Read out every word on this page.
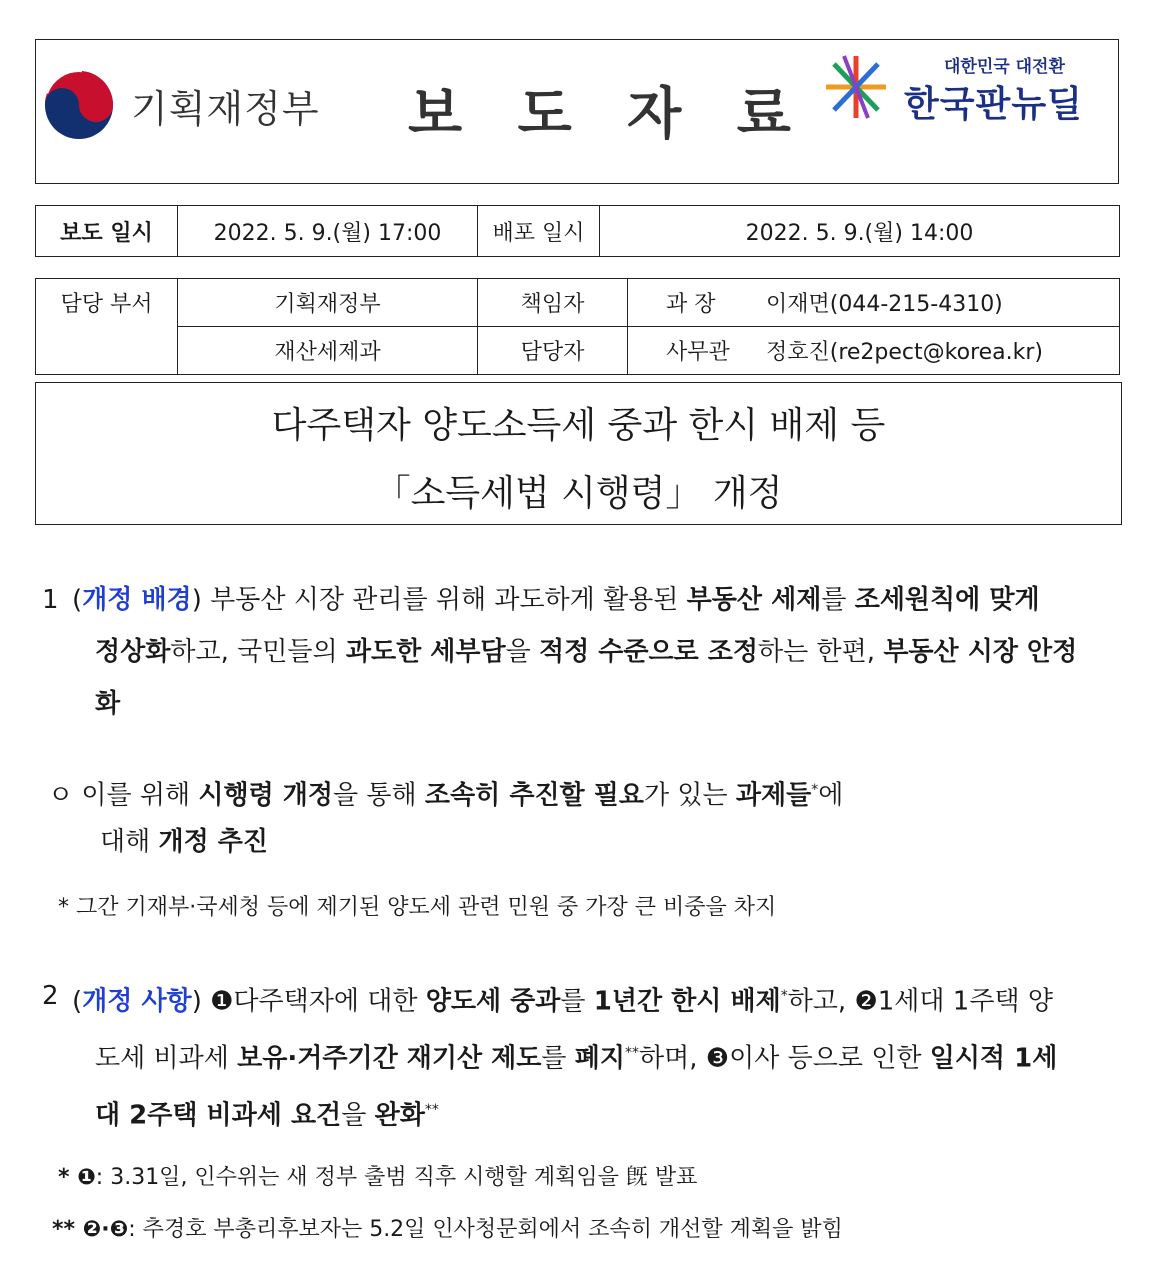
기획재정부 보 도 자 료
대한민국 대전환
한국판뉴딜
보도 일시	2022. 5. 9.(월) 17:00	배포 일시	2022. 5. 9.(월) 14:00
담당 부서	기획재정부	책임자	과 장 이재면(044-215-4310)
	재산세제과	담당자	사무관 정호진(re2pect@korea.kr)
다주택자 양도소득세 중과 한시 배제 등
「소득세법 시행령」 개정
1 (개정 배경) 부동산 시장 관리를 위해 과도하게 활용된 부동산 세제를 조세원칙에 맞게
정상화하고, 국민들의 과도한 세부담을 적정 수준으로 조정하는 한편, 부동산 시장 안정
화
ㅇ 이를 위해 시행령 개정을 통해 조속히 추진할 필요가 있는 과제들*에
대해 개정 추진
* 그간 기재부·국세청 등에 제기된 양도세 관련 민원 중 가장 큰 비중을 차지
2 (개정 사항) ❶다주택자에 대한 양도세 중과를 1년간 한시 배제*하고, ❷1세대 1주택 양
도세 비과세 보유·거주기간 재기산 제도를 폐지**하며, ❸이사 등으로 인한 일시적 1세
대 2주택 비과세 요건을 완화**
* ❶: 3.31일, 인수위는 새 정부 출범 직후 시행할 계획임을 旣 발표
** ❷·❸: 추경호 부총리후보자는 5.2일 인사청문회에서 조속히 개선할 계획을 밝힘
